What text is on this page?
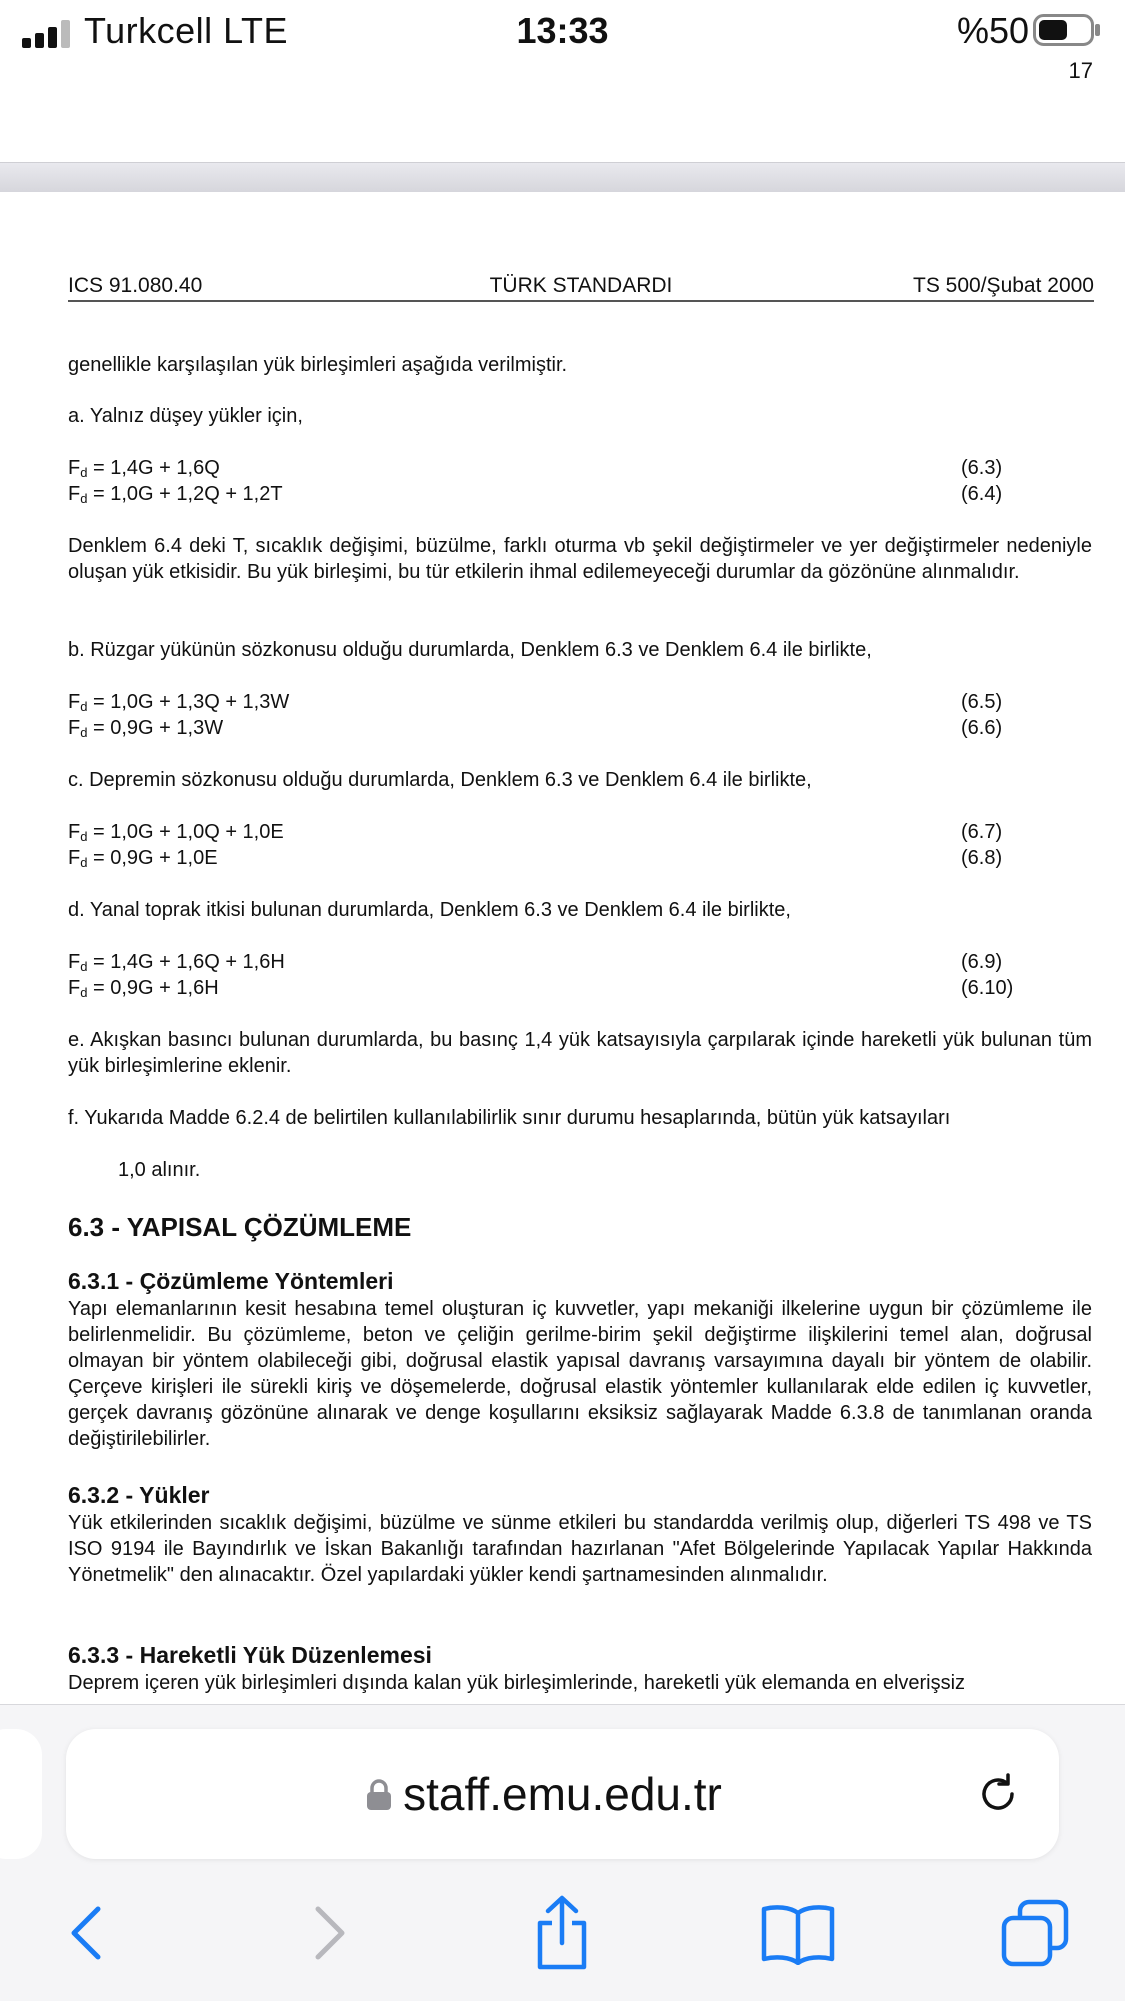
Turkcell LTE	13:33	%50
17
ICS 91.080.40	TÜRK STANDARDI	TS 500/Şubat 2000
genellikle karşılaşılan yük birleşimleri aşağıda verilmiştir.
a. Yalnız düşey yükler için,
$F_d = 1,4G + 1,6Q$	(6.3)
$F_d = 1,0G + 1,2Q + 1,2T$	(6.4)
Denklem 6.4 deki T, sıcaklık değişimi, büzülme, farklı oturma vb şekil değiştirmeler ve yer değiştirmeler nedeniyle oluşan yük etkisidir. Bu yük birleşimi, bu tür etkilerin ihmal edilemeyeceği durumlar da gözönüne alınmalıdır.
b. Rüzgar yükünün sözkonusu olduğu durumlarda, Denklem 6.3 ve Denklem 6.4 ile birlikte,
$F_d = 1,0G + 1,3Q + 1,3W$	(6.5)
$F_d = 0,9G + 1,3W$	(6.6)
c. Depremin sözkonusu olduğu durumlarda, Denklem 6.3 ve Denklem 6.4 ile birlikte,
$F_d = 1,0G + 1,0Q + 1,0E$	(6.7)
$F_d = 0,9G + 1,0E$	(6.8)
d. Yanal toprak itkisi bulunan durumlarda, Denklem 6.3 ve Denklem 6.4 ile birlikte,
$F_d = 1,4G + 1,6Q + 1,6H$	(6.9)
$F_d = 0,9G + 1,6H$	(6.10)
e. Akışkan basıncı bulunan durumlarda, bu basınç 1,4 yük katsayısıyla çarpılarak içinde hareketli yük bulunan tüm yük birleşimlerine eklenir.
f. Yukarıda Madde 6.2.4 de belirtilen kullanılabilirlik sınır durumu hesaplarında, bütün yük katsayıları
1,0 alınır.
6.3 - YAPISAL ÇÖZÜMLEME
6.3.1 - Çözümleme Yöntemleri
Yapı elemanlarının kesit hesabına temel oluşturan iç kuvvetler, yapı mekaniği ilkelerine uygun bir çözümleme ile belirlenmelidir. Bu çözümleme, beton ve çeliğin gerilme-birim şekil değiştirme ilişkilerini temel alan, doğrusal olmayan bir yöntem olabileceği gibi, doğrusal elastik yapısal davranış varsayımına dayalı bir yöntem de olabilir. Çerçeve kirişleri ile sürekli kiriş ve döşemelerde, doğrusal elastik yöntemler kullanılarak elde edilen iç kuvvetler, gerçek davranış gözönüne alınarak ve denge koşullarını eksiksiz sağlayarak Madde 6.3.8 de tanımlanan oranda değiştirilebilirler.
6.3.2 - Yükler
Yük etkilerinden sıcaklık değişimi, büzülme ve sünme etkileri bu standardda verilmiş olup, diğerleri TS 498 ve TS ISO 9194 ile Bayındırlık ve İskan Bakanlığı tarafından hazırlanan "Afet Bölgelerinde Yapılacak Yapılar Hakkında Yönetmelik" den alınacaktır. Özel yapılardaki yükler kendi şartnamesinden alınmalıdır.
6.3.3 - Hareketli Yük Düzenlemesi
Deprem içeren yük birleşimleri dışında kalan yük birleşimlerinde, hareketli yük elemanda en elverişsiz
staff.emu.edu.tr
